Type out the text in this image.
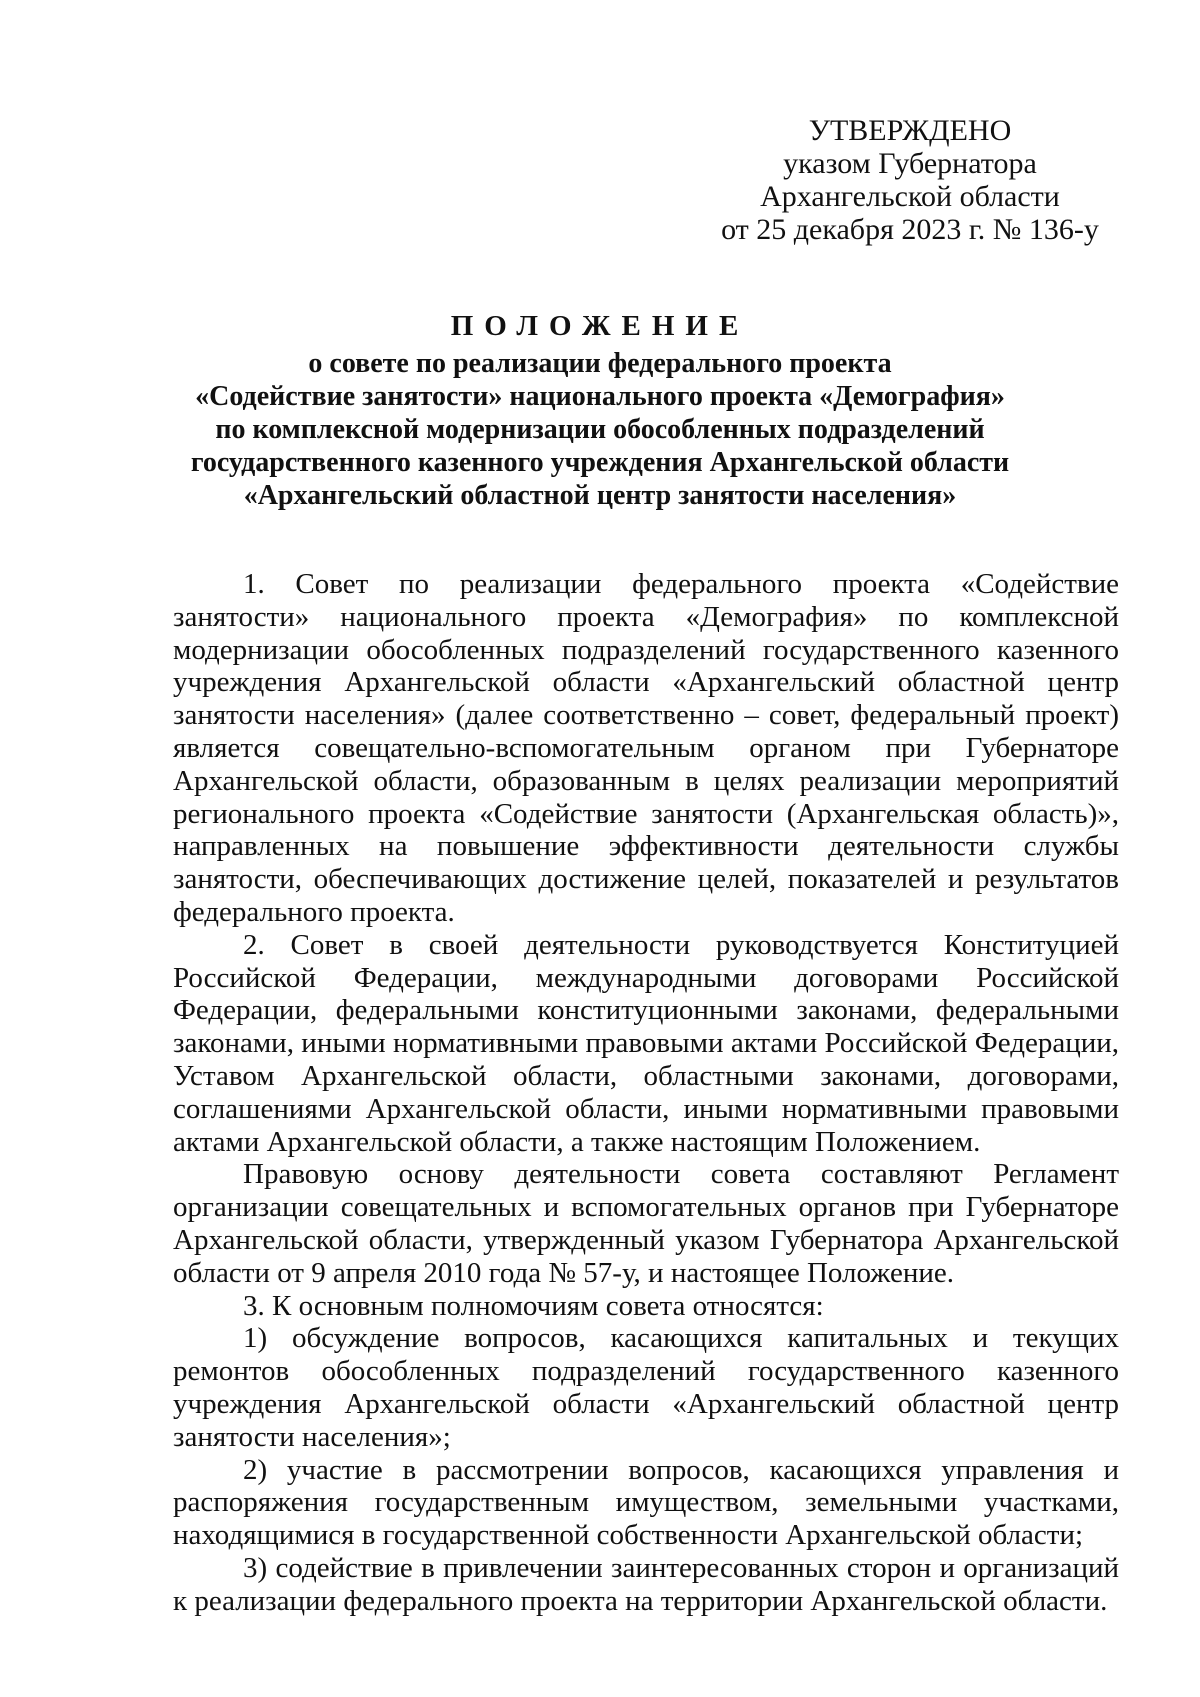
УТВЕРЖДЕНО
указом Губернатора
Архангельской области
от 25 декабря 2023 г. № 136-у
ПОЛОЖЕНИЕ
о совете по реализации федерального проекта
«Содействие занятости» национального проекта «Демография»
по комплексной модернизации обособленных подразделений
государственного казенного учреждения Архангельской области
«Архангельский областной центр занятости населения»

1. Совет по реализации федерального проекта «Содействие занятости» национального проекта «Демография» по комплексной модернизации обособленных подразделений государственного казенного учреждения Архангельской области «Архангельский областной центр занятости населения» (далее соответственно – совет, федеральный проект) является совещательно-вспомогательным органом при Губернаторе Архангельской области, образованным в целях реализации мероприятий регионального проекта «Содействие занятости (Архангельская область)», направленных на повышение эффективности деятельности службы занятости, обеспечивающих достижение целей, показателей и результатов федерального проекта.

2. Совет в своей деятельности руководствуется Конституцией Российской Федерации, международными договорами Российской Федерации, федеральными конституционными законами, федеральными законами, иными нормативными правовыми актами Российской Федерации, Уставом Архангельской области, областными законами, договорами, соглашениями Архангельской области, иными нормативными правовыми актами Архангельской области, а также настоящим Положением.

Правовую основу деятельности совета составляют Регламент организации совещательных и вспомогательных органов при Губернаторе Архангельской области, утвержденный указом Губернатора Архангельской области от 9 апреля 2010 года № 57-у, и настоящее Положение.

3. К основным полномочиям совета относятся:

1) обсуждение вопросов, касающихся капитальных и текущих ремонтов обособленных подразделений государственного казенного учреждения Архангельской области «Архангельский областной центр занятости населения»;

2) участие в рассмотрении вопросов, касающихся управления и распоряжения государственным имуществом, земельными участками, находящимися в государственной собственности Архангельской области;

3) содействие в привлечении заинтересованных сторон и организаций к реализации федерального проекта на территории Архангельской области.
